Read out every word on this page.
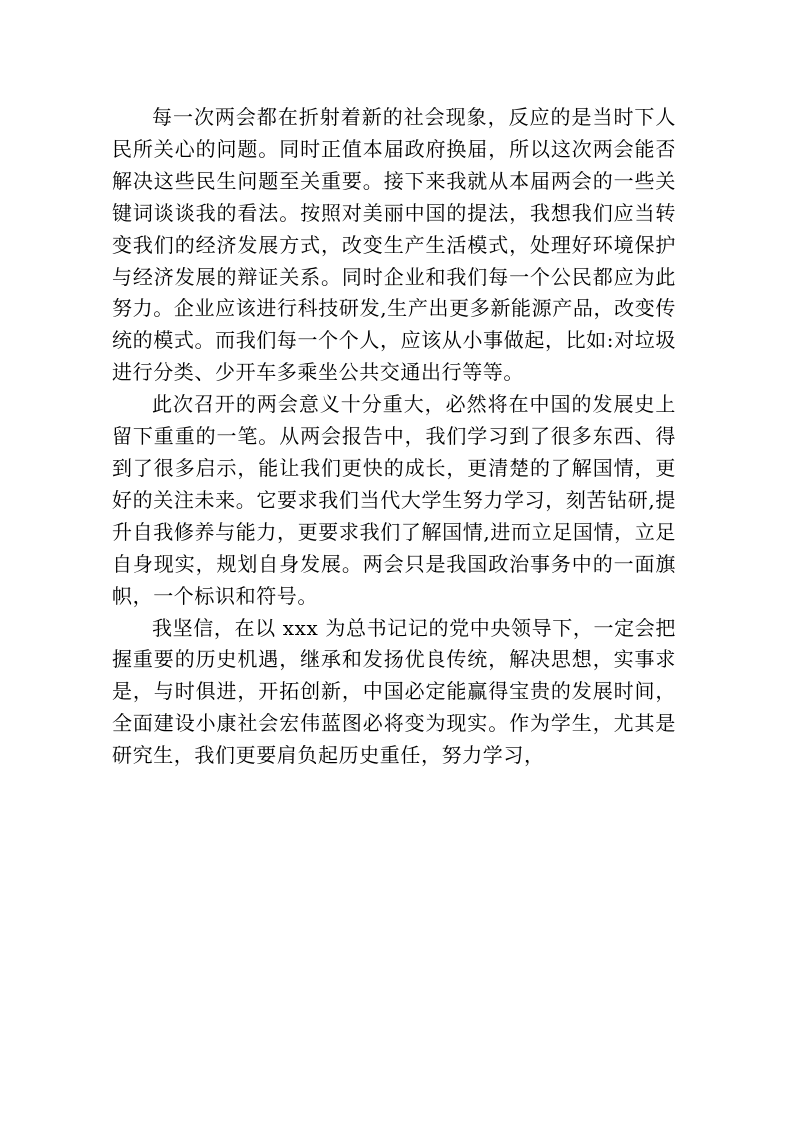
每一次两会都在折射着新的社会现象，反应的是当时下人民所关心的问题。同时正值本届政府换届，所以这次两会能否解决这些民生问题至关重要。接下来我就从本届两会的一些关键词谈谈我的看法。按照对美丽中国的提法，我想我们应当转变我们的经济发展方式，改变生产生活模式，处理好环境保护与经济发展的辩证关系。同时企业和我们每一个公民都应为此努力。企业应该进行科技研发,生产出更多新能源产品，改变传统的模式。而我们每一个个人，应该从小事做起，比如:对垃圾进行分类、少开车多乘坐公共交通出行等等。

此次召开的两会意义十分重大，必然将在中国的发展史上留下重重的一笔。从两会报告中，我们学习到了很多东西、得到了很多启示，能让我们更快的成长，更清楚的了解国情，更好的关注未来。它要求我们当代大学生努力学习，刻苦钻研,提升自我修养与能力，更要求我们了解国情,进而立足国情，立足自身现实，规划自身发展。两会只是我国政治事务中的一面旗帜，一个标识和符号。

我坚信，在以 xxx 为总书记记的党中央领导下，一定会把握重要的历史机遇，继承和发扬优良传统，解决思想，实事求是，与时俱进，开拓创新，中国必定能赢得宝贵的发展时间，全面建设小康社会宏伟蓝图必将变为现实。作为学生，尤其是研究生，我们更要肩负起历史重任，努力学习，
